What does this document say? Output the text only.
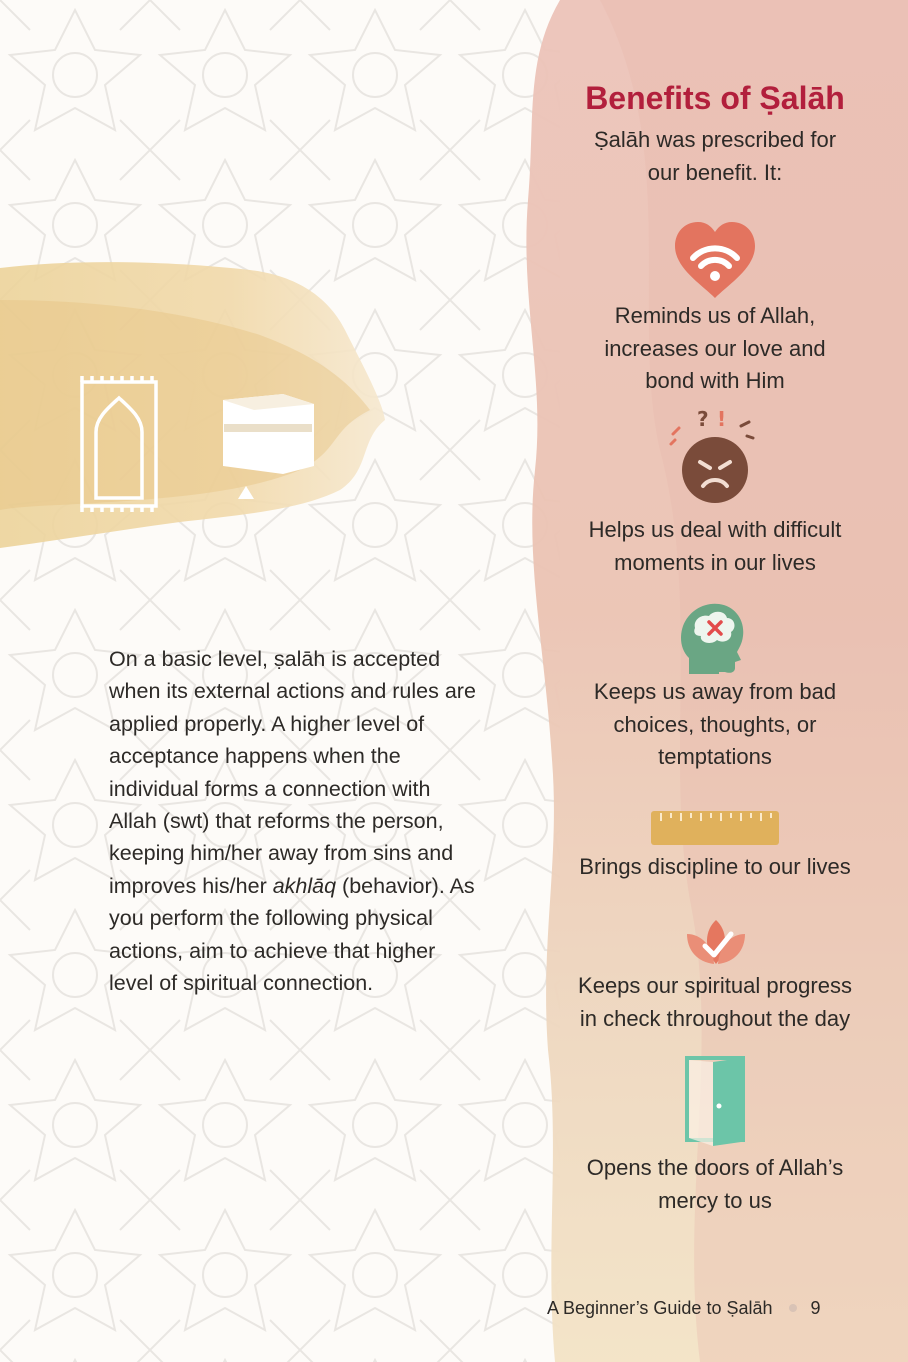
On a basic level, ṣalāh is accepted when its external actions and rules are applied properly. A higher level of acceptance happens when the individual forms a connection with Allah (swt) that reforms the person, keeping him/her away from sins and improves his/her akhlāq (behavior). As you perform the following physical actions, aim to achieve that higher level of spiritual connection.
Benefits of Ṣalāh
Ṣalāh was prescribed for
our benefit. It:
Reminds us of Allah,
increases our love and
bond with Him
? !
Helps us deal with difficult
moments in our lives
Keeps us away from bad
choices, thoughts, or
temptations
Brings discipline to our lives
Keeps our spiritual progress
in check throughout the day
Opens the doors of Allah’s
mercy to us
A Beginner’s Guide to Ṣalāh 9
